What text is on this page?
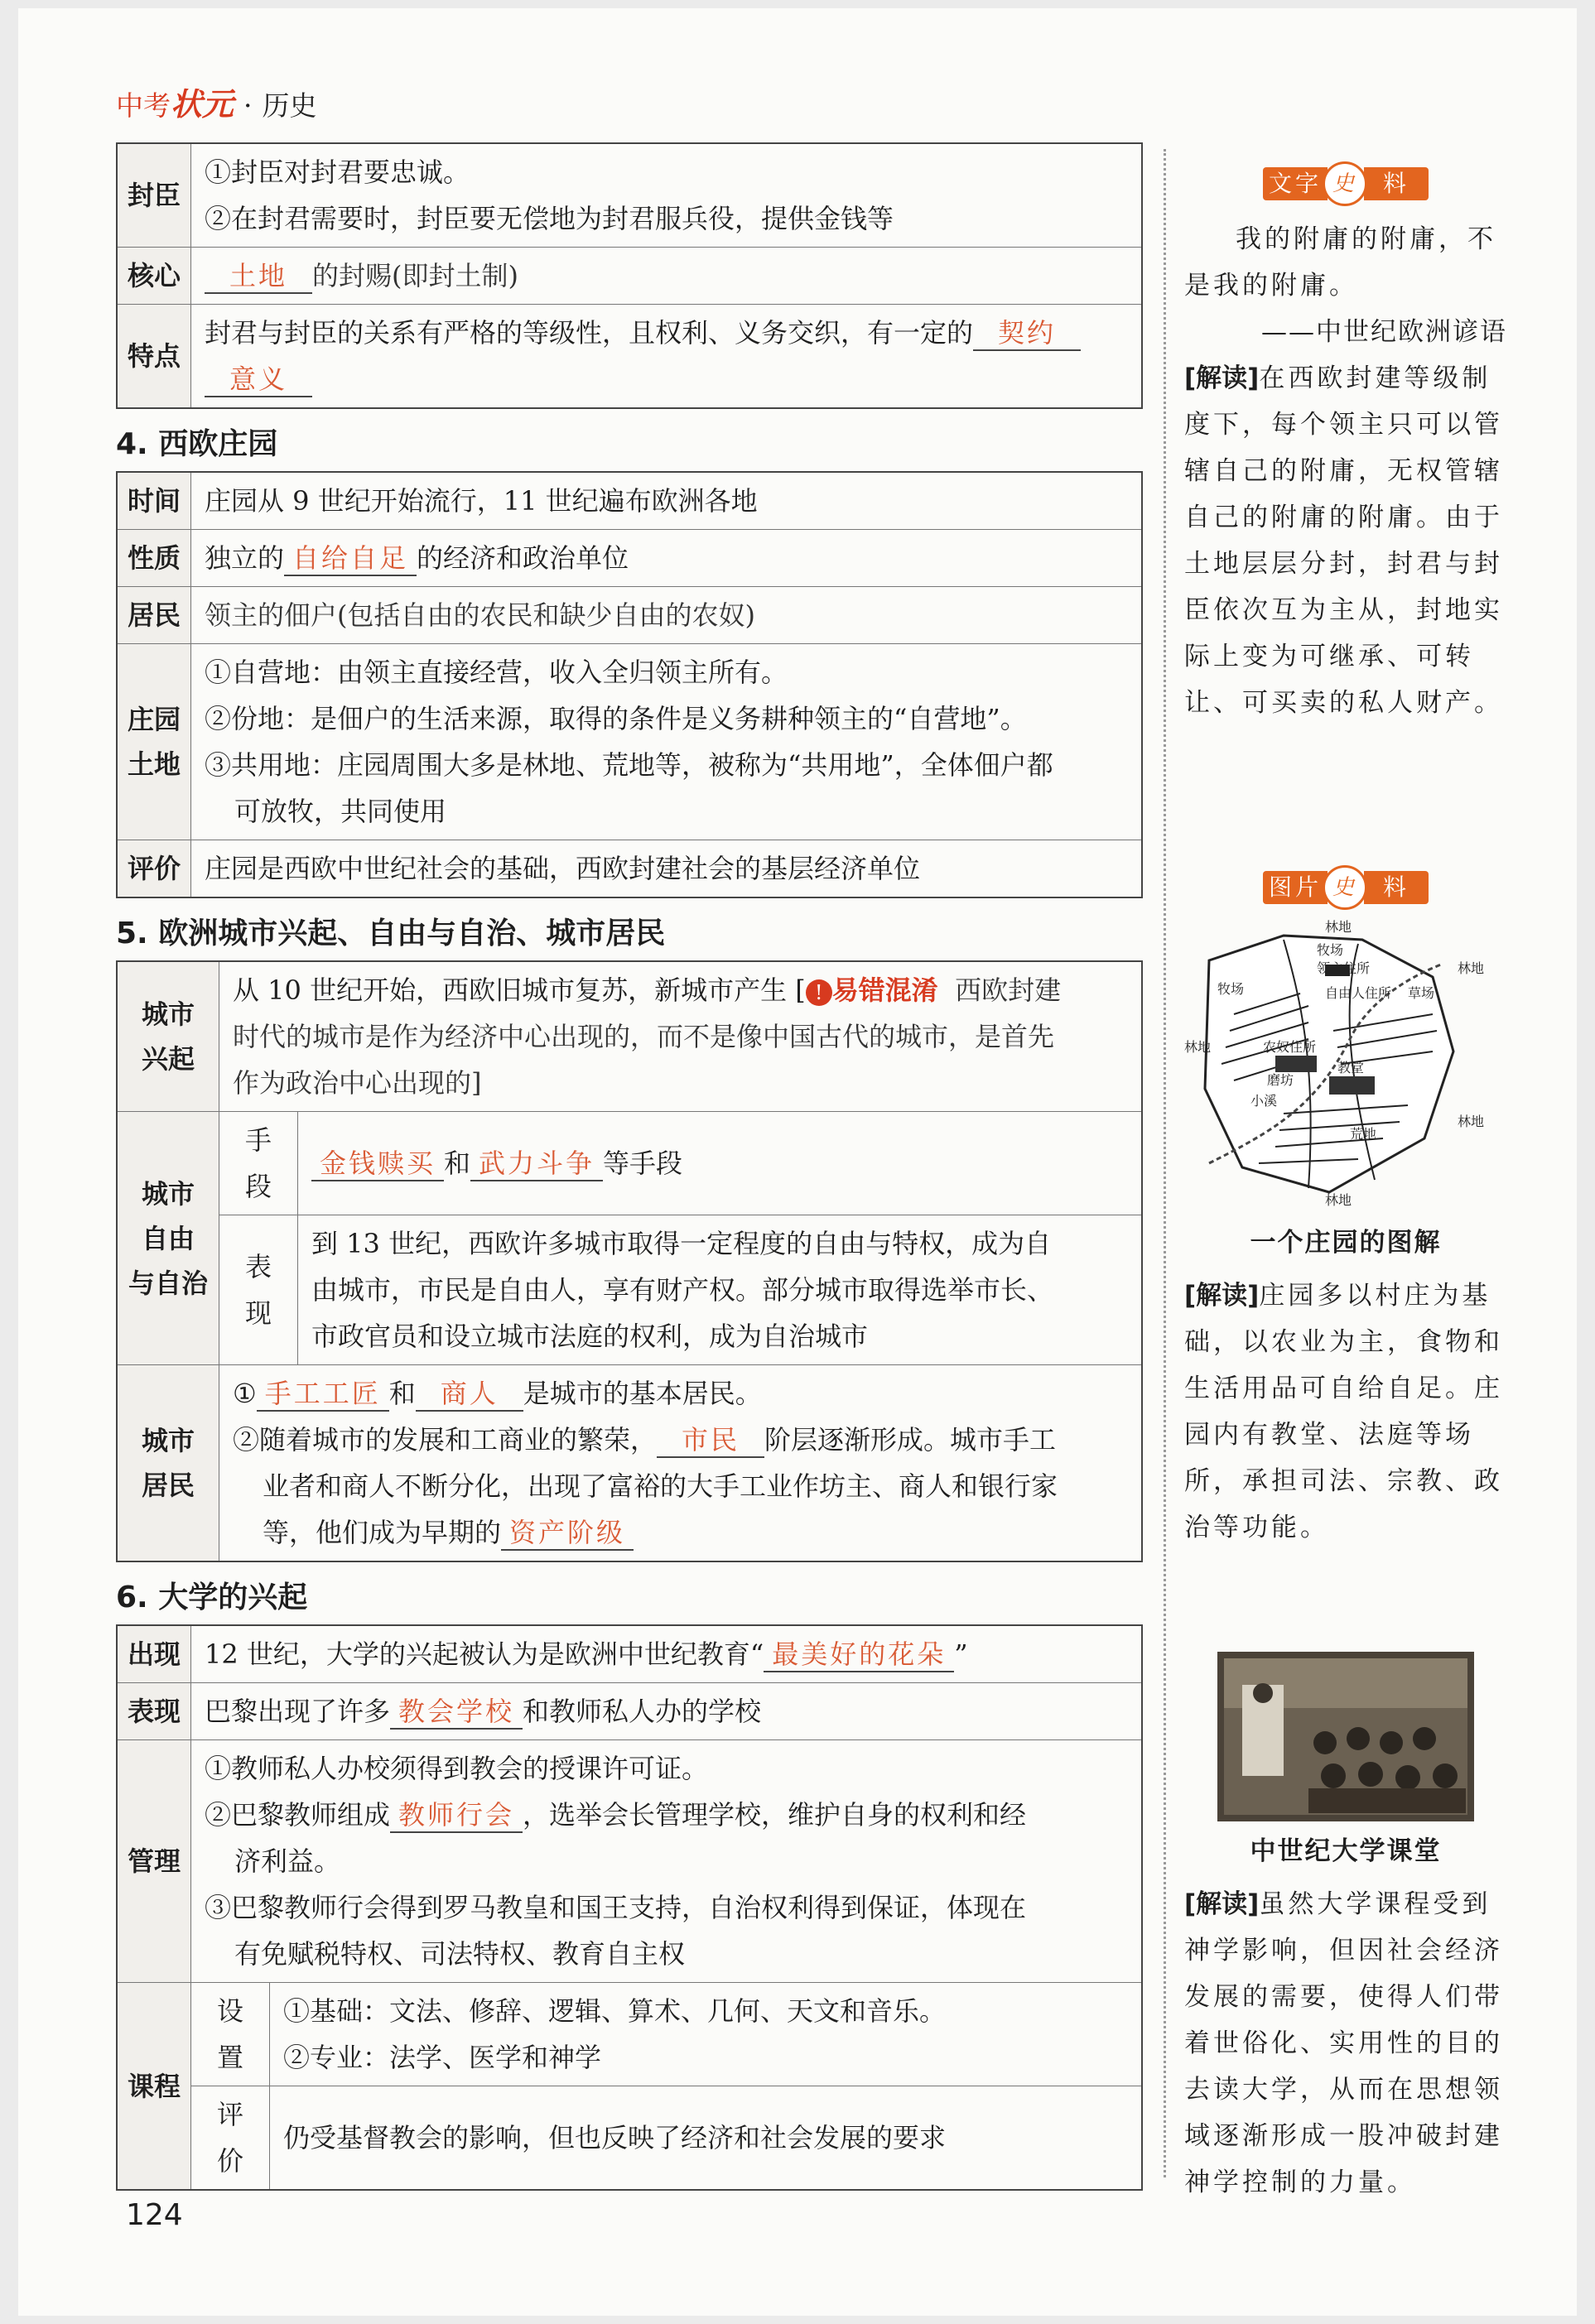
中考状元 · 历史
封臣	①封臣对封君要忠诚。
②在封君需要时，封臣要无偿地为封君服兵役，提供金钱等

核心	土地 的封赐(即封土制)
特点	封君与封臣的关系有严格的等级性，且权利、义务交织，有一定的 契约
意义
4. 西欧庄园
时间	庄园从 9 世纪开始流行，11 世纪遍布欧洲各地
性质	独立的 自给自足 的经济和政治单位
居民	领主的佃户(包括自由的农民和缺少自由的农奴)

庄园
土地	①自营地：由领主直接经营，收入全归领主所有。
②份地：是佃户的生活来源，取得的条件是义务耕种领主的“自营地”。
③共用地：庄园周围大多是林地、荒地等，被称为“共用地”，全体佃户都
可放牧，共同使用

评价	庄园是西欧中世纪社会的基础，西欧封建社会的基层经济单位
5. 欧洲城市兴起、自由与自治、城市居民
城市
兴起	从 10 世纪开始，西欧旧城市复苏，新城市产生 [ ! 易错混淆 西欧封建
时代的城市是作为经济中心出现的，而不是像中国古代的城市，是首先
作为政治中心出现的]	

城市
自由
与自治	手段	金钱赎买 和 武力斗争 等手段
	表现	到 13 世纪，西欧许多城市取得一定程度的自由与特权，成为自
由城市，市民是自由人，享有财产权。部分城市取得选举市长、
市政官员和设立城市法庭的权利，成为自治城市

城市
居民	① 手工工匠 和 商人 是城市的基本居民。
②随着城市的发展和工商业的繁荣， 市民 阶层逐渐形成。城市手工
业者和商人不断分化，出现了富裕的大手工业作坊主、商人和银行家
等，他们成为早期的 资产阶级	
6. 大学的兴起
出现	12 世纪，大学的兴起被认为是欧洲中世纪教育“ 最美好的花朵 ”	
表现	巴黎出现了许多 教会学校 和教师私人办的学校	
管理	①教师私人办校须得到教会的授课许可证。
②巴黎教师组成 教师行会 ，选举会长管理学校，维护自身的权利和经
济利益。
③巴黎教师行会得到罗马教皇和国王支持，自治权利得到保证，体现在
有免赋税特权、司法特权、教育自主权	

课程	设置	①基础：文法、修辞、逻辑、算术、几何、天文和音乐。
②专业：法学、医学和神学

	评价	仍受基督教会的影响，但也反映了经济和社会发展的要求
文字	料
史

我的附庸的附庸，不是我的附庸。

——中世纪欧洲谚语
[解读]在西欧封建等级制度下，每个领主只可以管辖自己的附庸，无权管辖自己的附庸的附庸。由于土地层层分封，封君与封臣依次互为主从，封地实际上变为可继承、可转让、可买卖的私人财产。
图片	料
史
林地
牧场
领主住所	林地
牧场	自由人住所 草场
林地	农奴住所
教堂
磨坊
小溪
林地
荒地
林地
一个庄园的图解
[解读]庄园多以村庄为基础，以农业为主，食物和生活用品可自给自足。庄园内有教堂、法庭等场所，承担司法、宗教、政治等功能。
中世纪大学课堂
[解读]虽然大学课程受到神学影响，但因社会经济发展的需要，使得人们带着世俗化、实用性的目的去读大学，从而在思想领域逐渐形成一股冲破封建神学控制的力量。
124
